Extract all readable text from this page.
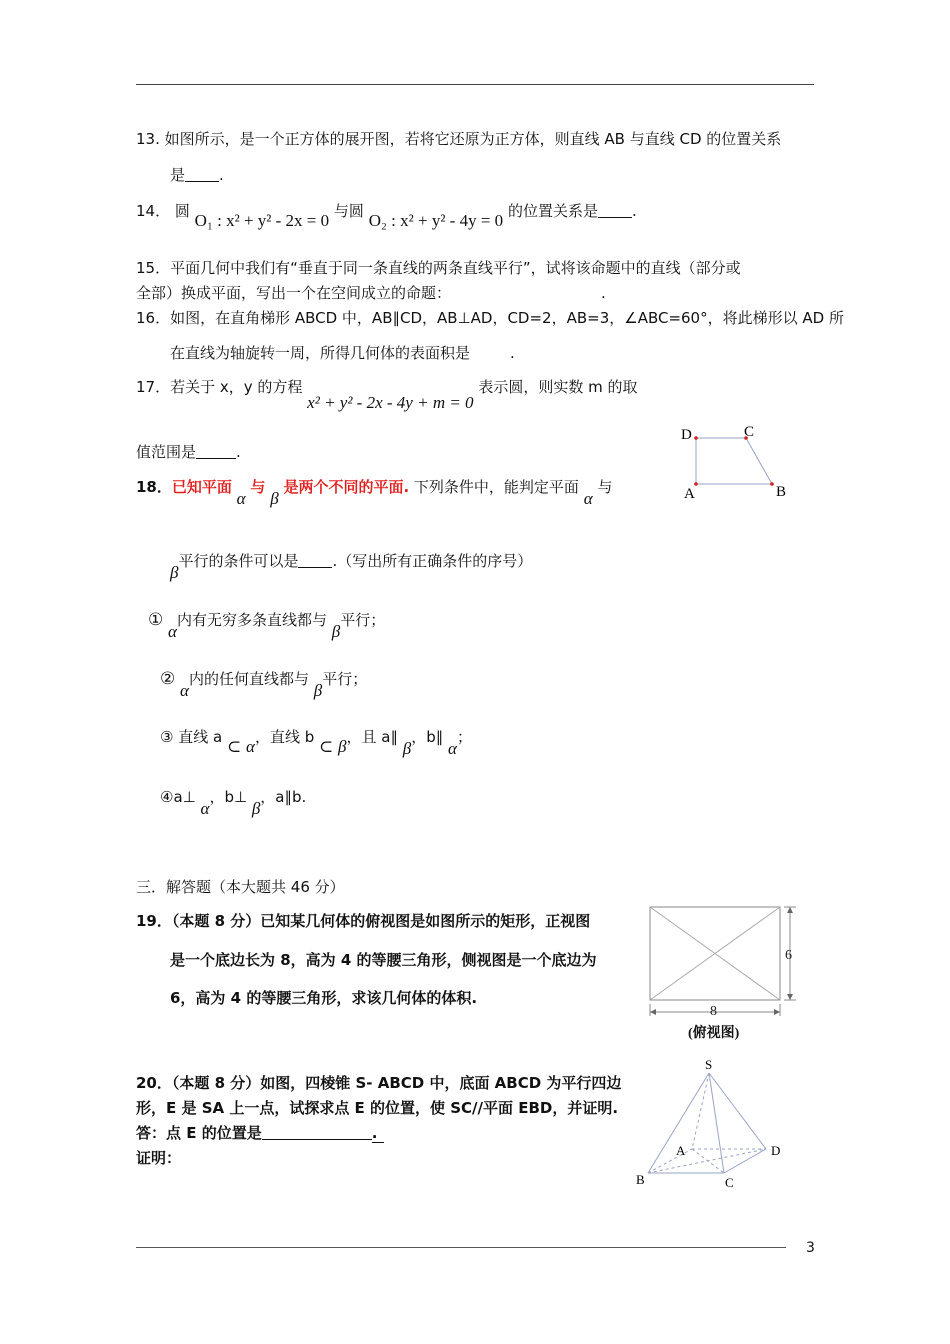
13. 如图所示，是一个正方体的展开图，若将它还原为正方体，则直线 AB 与直线 CD 的位置关系
是 .
14． 圆 O₁ : x² + y² - 2x = 0 与圆 O₂ : x² + y² - 4y = 0 的位置关系是 .
15．平面几何中我们有“垂直于同一条直线的两条直线平行”，试将该命题中的直线（部分或
全部）换成平面，写出一个在空间成立的命题：	.
16．如图，在直角梯形 ABCD 中，AB∥CD，AB⊥AD，CD=2，AB=3，∠ABC=60°，将此梯形以 AD 所
在直线为轴旋转一周，所得几何体的表面积是	.
17．若关于 x，y 的方程 x² + y² - 2x - 4y + m = 0 表示圆，则实数 m 的取
值范围是	.
D	C
A	B
18．已知平面 α 与 β 是两个不同的平面. 下列条件中，能判定平面 α 与
β平行的条件可以是 .（写出所有正确条件的序号）
① α内有无穷多条直线都与 β平行；
② α内的任何直线都与 β平行；
③ 直线 a ⊂ α，直线 b ⊂ β，且 a∥ β，b∥ α；
④a⊥ α，b⊥ β，a∥b.
三．解答题（本大题共 46 分）
19．（本题 8 分）已知某几何体的俯视图是如图所示的矩形，正视图
是一个底边长为 8，高为 4 的等腰三角形，侧视图是一个底边为
6，高为 4 的等腰三角形，求该几何体的体积.
6
8
(俯视图)
20．（本题 8 分）如图，四棱锥 S- ABCD 中，底面 ABCD 为平行四边
形，E 是 SA 上一点，试探求点 E 的位置，使 SC//平面 EBD，并证明.
答：点 E 的位置是	.
证明：
S
A	D
B	C
3
